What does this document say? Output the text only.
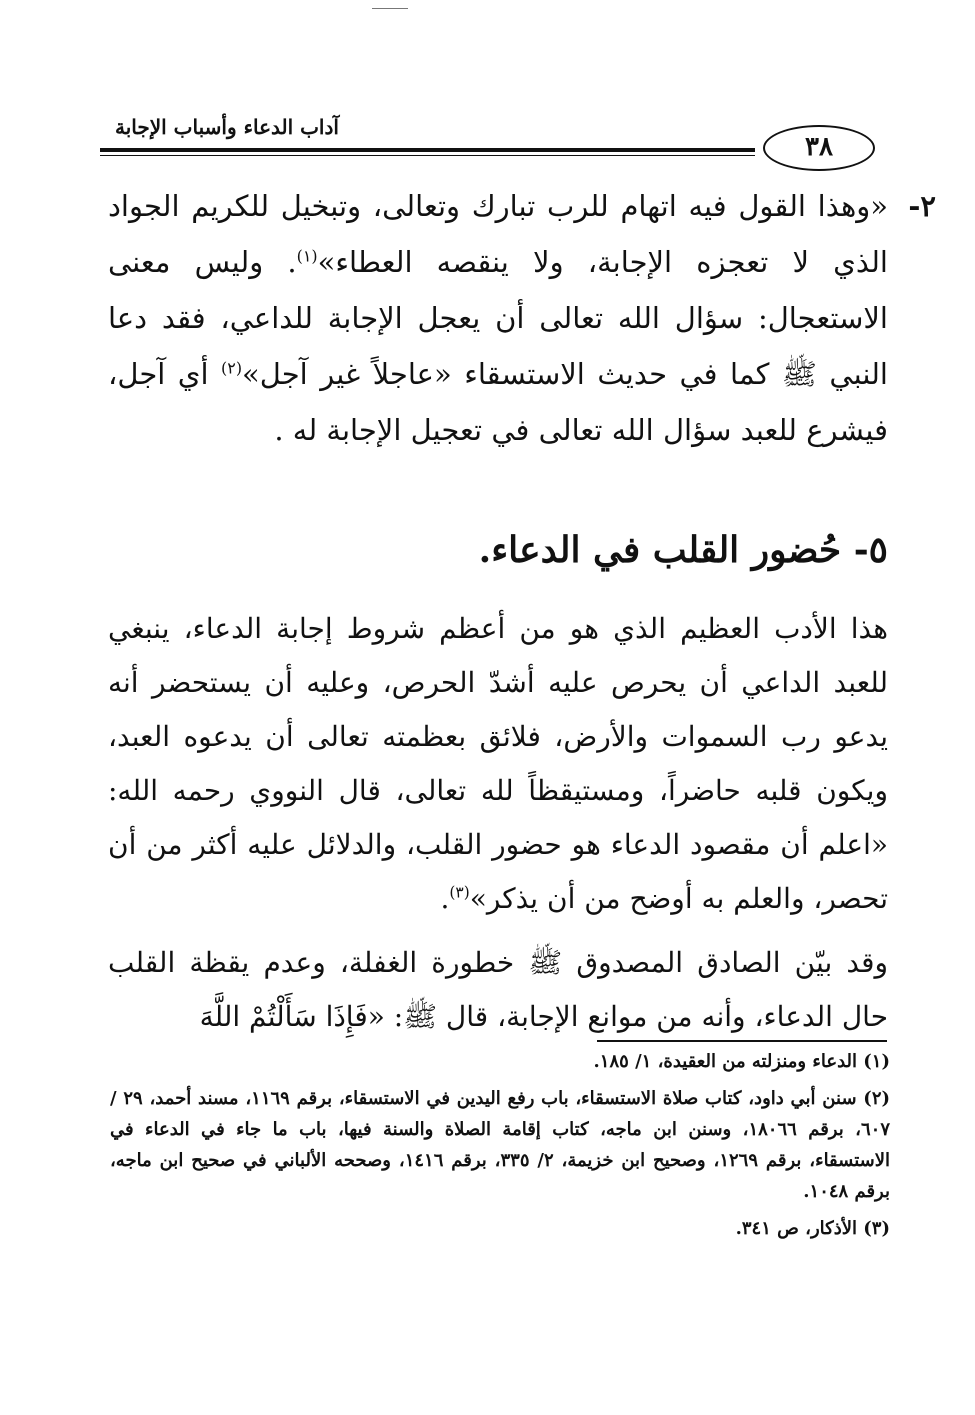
٣٨
آداب الدعاء وأسباب الإجابة
٢-

«وهذا القول فيه اتهام للرب تبارك وتعالى، وتبخيل للكريم الجواد الذي لا تعجزه الإجابة، ولا ينقصه العطاء»$^{(١)}$. وليس معنى الاستعجال: سؤال الله تعالى أن يعجل الإجابة للداعي، فقد دعا النبي ﷺ كما في حديث الاستسقاء «عاجلاً غير آجل»$^{(٢)}$ أي آجل، فيشرع للعبد سؤال الله تعالى في تعجيل الإجابة له .

٥- حُضور القلب في الدعاء.

هذا الأدب العظيم الذي هو من أعظم شروط إجابة الدعاء، ينبغي للعبد الداعي أن يحرص عليه أشدّ الحرص، وعليه أن يستحضر أنه يدعو رب السموات والأرض، فلائق بعظمته تعالى أن يدعوه العبد، ويكون قلبه حاضراً، ومستيقظاً لله تعالى، قال النووي رحمه الله: «اعلم أن مقصود الدعاء هو حضور القلب، والدلائل عليه أكثر من أن تحصر، والعلم به أوضح من أن يذكر»$^{(٣)}$.

وقد بيّن الصادق المصدوق ﷺ خطورة الغفلة، وعدم يقظة القلب حال الدعاء، وأنه من موانع الإجابة، قال ﷺ: «فَإِذَا سَأَلْتُمْ اللَّهَ

(١) الدعاء ومنزلته من العقيدة، ١/ ١٨٥.

(٢) سنن أبي داود، كتاب صلاة الاستسقاء، باب رفع اليدين في الاستسقاء، برقم ١١٦٩، مسند أحمد، ٢٩ / ٦٠٧، برقم ١٨٠٦٦، وسنن ابن ماجه، كتاب إقامة الصلاة والسنة فيها، باب ما جاء في الدعاء في الاستسقاء، برقم ١٢٦٩، وصحيح ابن خزيمة، ٢/ ٣٣٥، برقم ١٤١٦، وصححه الألباني في صحيح ابن ماجه، برقم ١٠٤٨.

(٣) الأذكار، ص ٣٤١.
